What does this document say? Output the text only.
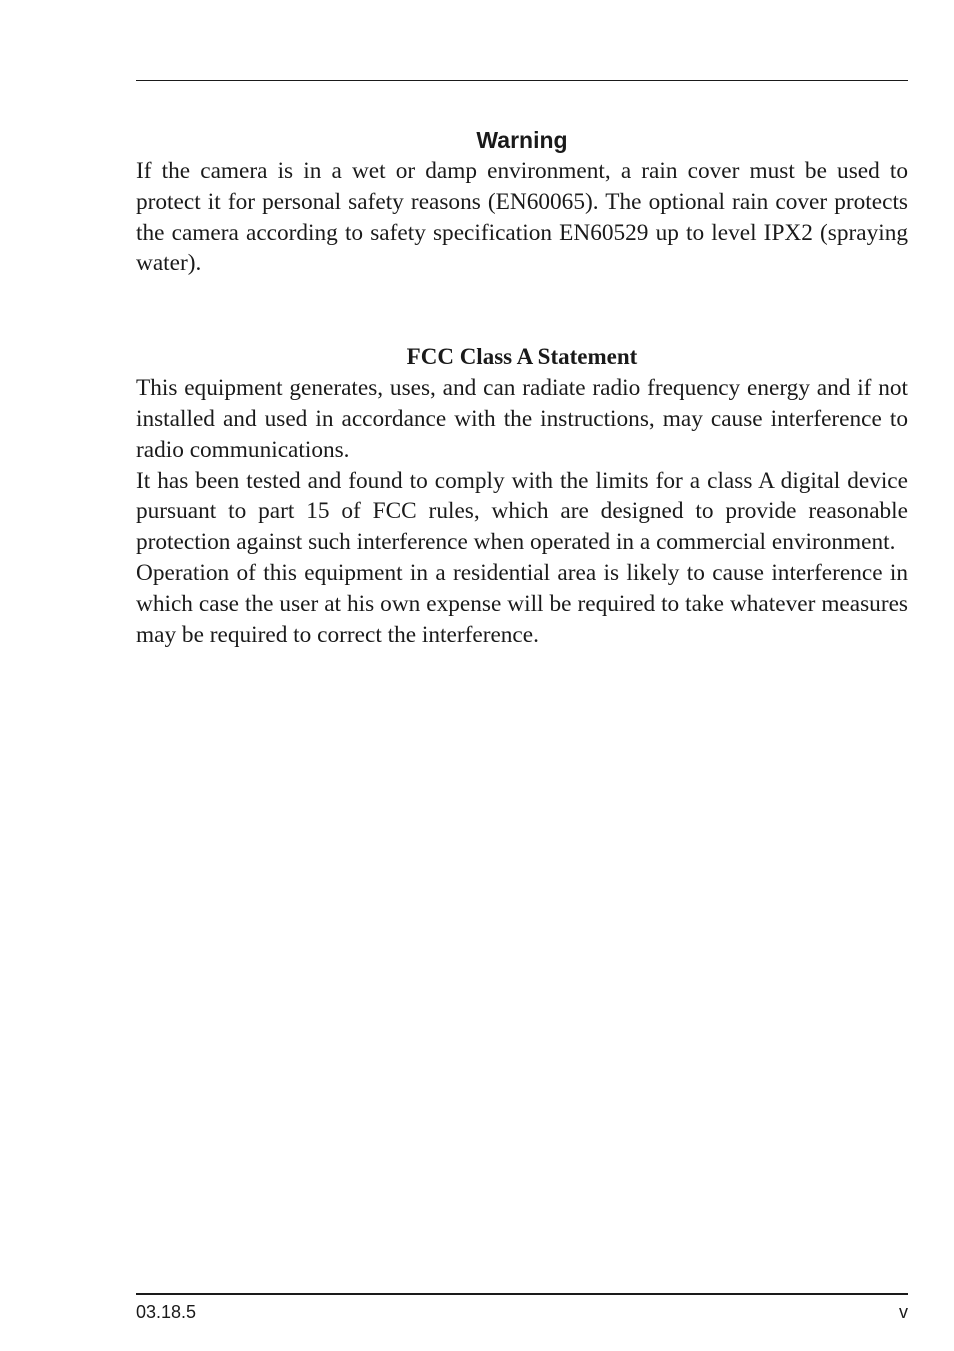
Warning

If the camera is in a wet or damp environment, a rain cover must be used to protect it for personal safety reasons (EN60065). The optional rain cover protects the camera according to safety specification EN60529 up to level IPX2 (spraying water).

FCC Class A Statement

This equipment generates, uses, and can radiate radio frequency energy and if not installed and used in accordance with the instructions, may cause interference to radio communications.

It has been tested and found to comply with the limits for a class A digital device pursuant to part 15 of FCC rules, which are designed to provide reasonable protection against such interference when operated in a commercial environment.

Operation of this equipment in a residential area is likely to cause interference in which case the user at his own expense will be required to take whatever measures may be required to correct the interference.

03.18.5	v
